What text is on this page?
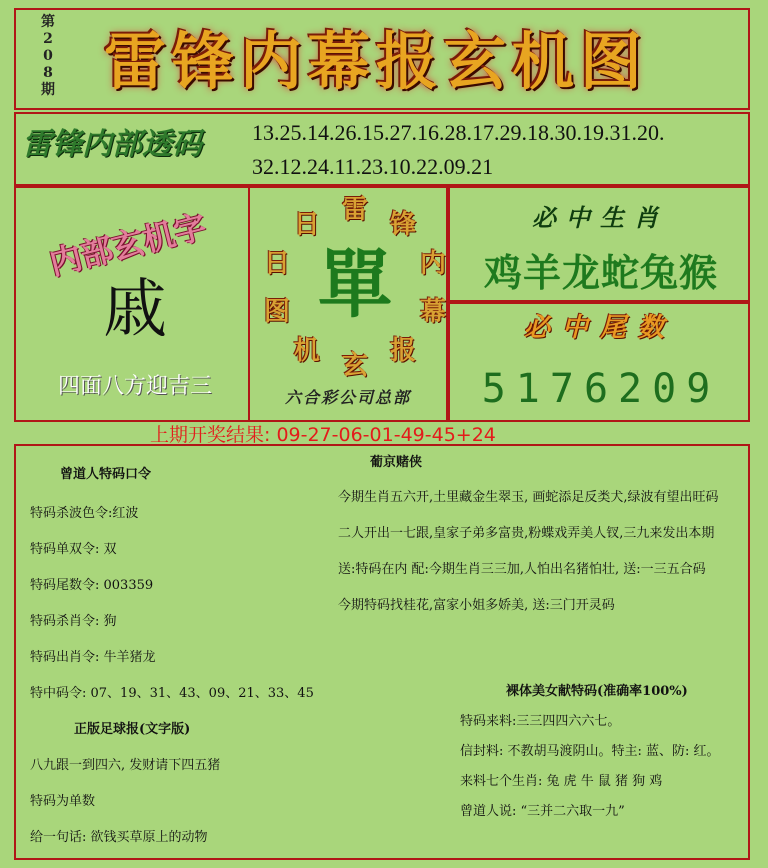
第
2
0
8
期 雷锋内幕报玄机图
雷锋内部透码	13.25.14.26.15.27.16.28.17.29.18.30.19.31.20.
32.12.24.11.23.10.22.09.21
内部玄机字
戚
四面八方迎吉三
雷 锋
内
幕
报
玄
机
图
日
日
單
六合彩公司总部
必中生肖
鸡羊龙蛇兔猴
必中尾数
5176209
上期开奖结果: 09-27-06-01-49-45+24
曾道人特码口令
特码杀波色令:红波
特码单双令: 双
特码尾数令: 003359
特码杀肖令: 狗
特码出肖令: 牛羊猪龙
特中码令: 07、19、31、43、09、21、33、45
正版足球报(文字版)
八九跟一到四六, 发财请下四五猪
特码为单数
给一句话: 欲钱买草原上的动物
葡京赌侠
今期生肖五六开,土里藏金生翠玉, 画蛇添足反类犬,绿波有望出旺码
二人开出一七跟,皇家子弟多富贵,粉蝶戏弄美人钗,三九来发出本期
送:特码在内 配:今期生肖三三加,人怕出名猪怕壮, 送:一三五合码
今期特码找桂花,富家小姐多娇美, 送:三门开灵码
裸体美女献特码(准确率100%)
特码来料:三三四四六六七。
信封料: 不教胡马渡阴山。特主: 蓝、防: 红。
来料七个生肖: 兔 虎 牛 鼠 猪 狗 鸡
曾道人说: “三并二六取一九”
